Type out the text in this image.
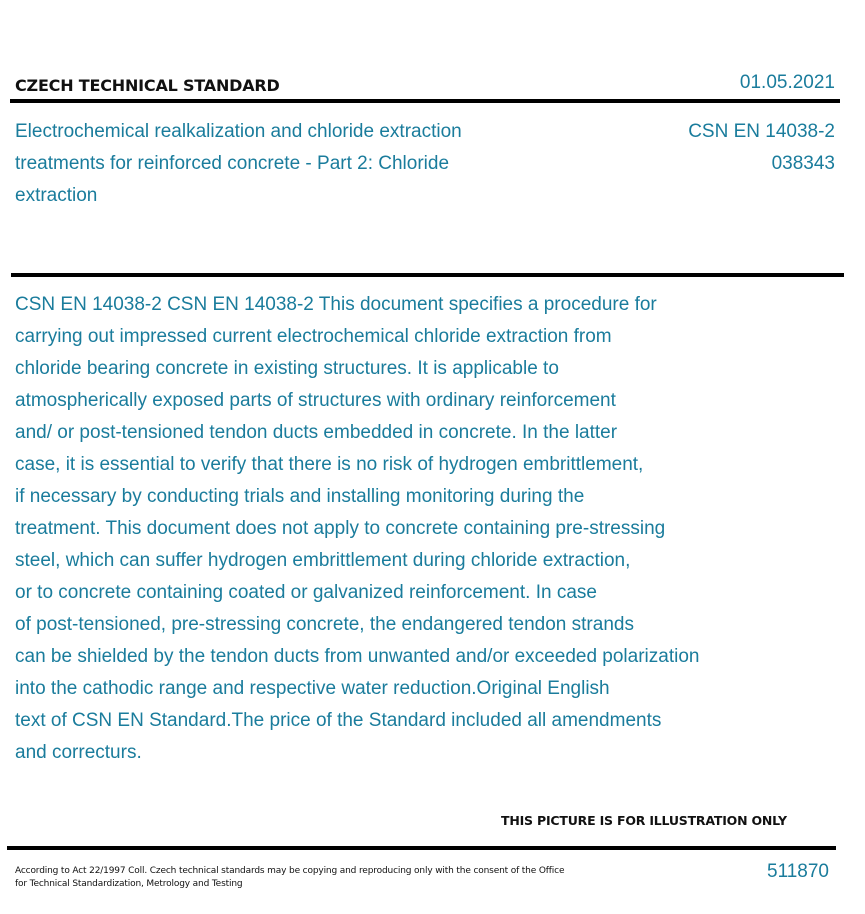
CZECH TECHNICAL STANDARD	01.05.2021
Electrochemical realkalization and chloride extraction treatments for reinforced concrete - Part 2: Chloride extraction
CSN EN 14038-2
038343
CSN EN 14038-2 CSN EN 14038-2 This document specifies a procedure for
carrying out impressed current electrochemical chloride extraction from
chloride bearing concrete in existing structures. It is applicable to
atmospherically exposed parts of structures with ordinary reinforcement
and/ or post-tensioned tendon ducts embedded in concrete. In the latter
case, it is essential to verify that there is no risk of hydrogen embrittlement,
if necessary by conducting trials and installing monitoring during the
treatment. This document does not apply to concrete containing pre-stressing
steel, which can suffer hydrogen embrittlement during chloride extraction,
or to concrete containing coated or galvanized reinforcement. In case
of post-tensioned, pre-stressing concrete, the endangered tendon strands
can be shielded by the tendon ducts from unwanted and/or exceeded polarization
into the cathodic range and respective water reduction.Original English
text of CSN EN Standard.The price of the Standard included all amendments
and correcturs.
THIS PICTURE IS FOR ILLUSTRATION ONLY
According to Act 22/1997 Coll. Czech technical standards may be copying and reproducing only with the consent of the Office
for Technical Standardization, Metrology and Testing
511870
